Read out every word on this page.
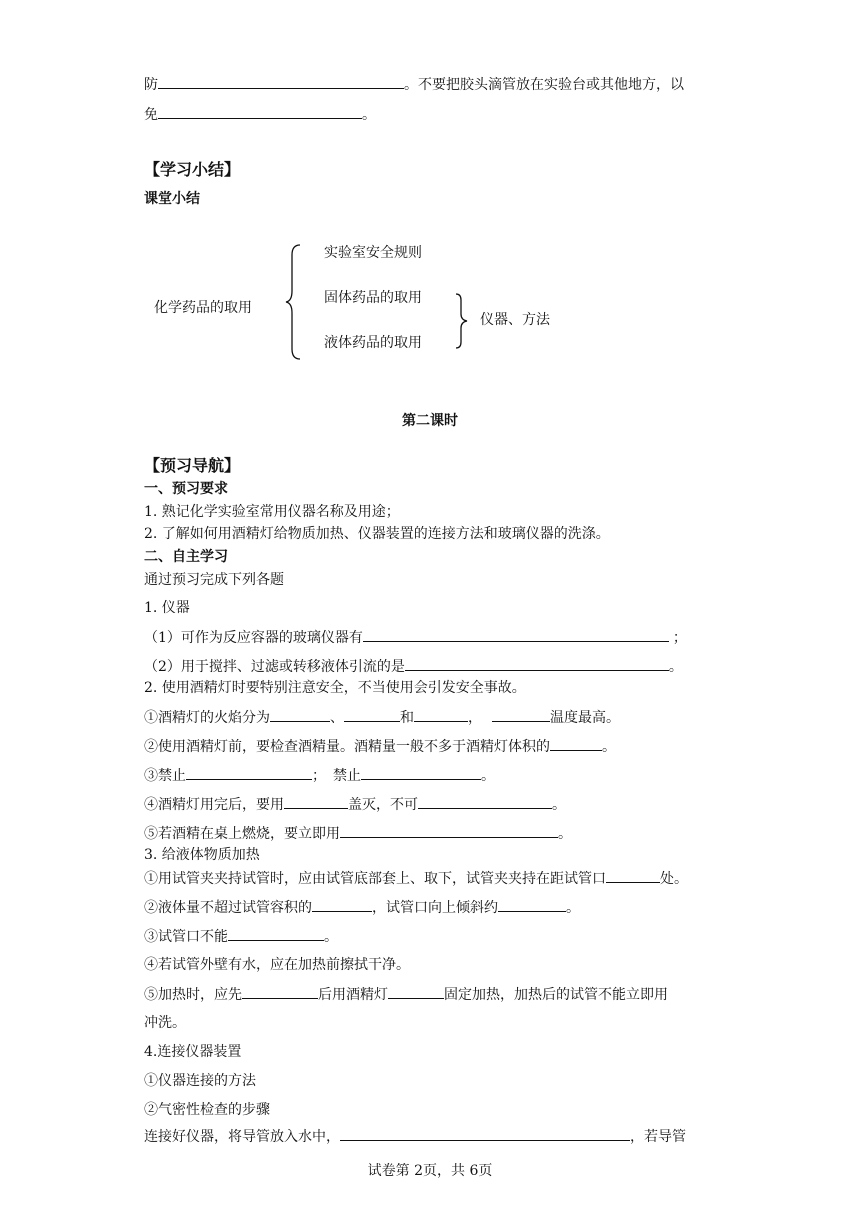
防	。不要把胶头滴管放在实验台或其他地方，以
免	。
【学习小结】
课堂小结
化学药品的取用
实验室安全规则
固体药品的取用
液体药品的取用
仪器、方法
第二课时
【预习导航】
一、预习要求
1. 熟记化学实验室常用仪器名称及用途；
2. 了解如何用酒精灯给物质加热、仪器装置的连接方法和玻璃仪器的洗涤。
二、自主学习
通过预习完成下列各题
1. 仪器
（1）可作为反应容器的玻璃仪器有	；
（2）用于搅拌、过滤或转移液体引流的是	。
2. 使用酒精灯时要特别注意安全，不当使用会引发安全事故。
①酒精灯的火焰分为	、	和	，	温度最高。
②使用酒精灯前，要检查酒精量。酒精量一般不多于酒精灯体积的	。
③禁止	；　禁止	。
④酒精灯用完后，要用	盖灭，不可	。
⑤若酒精在桌上燃烧，要立即用	。
3. 给液体物质加热
①用试管夹夹持试管时，应由试管底部套上、取下，试管夹夹持在距试管口	处。
②液体量不超过试管容积的	，试管口向上倾斜约	。
③试管口不能	。
④若试管外壁有水，应在加热前擦拭干净。
⑤加热时，应先	后用酒精灯	固定加热，加热后的试管不能立即用
冲洗。
4.连接仪器装置
①仪器连接的方法
②气密性检查的步骤
连接好仪器，将导管放入水中，	，若导管
试卷第 2页，共 6页
